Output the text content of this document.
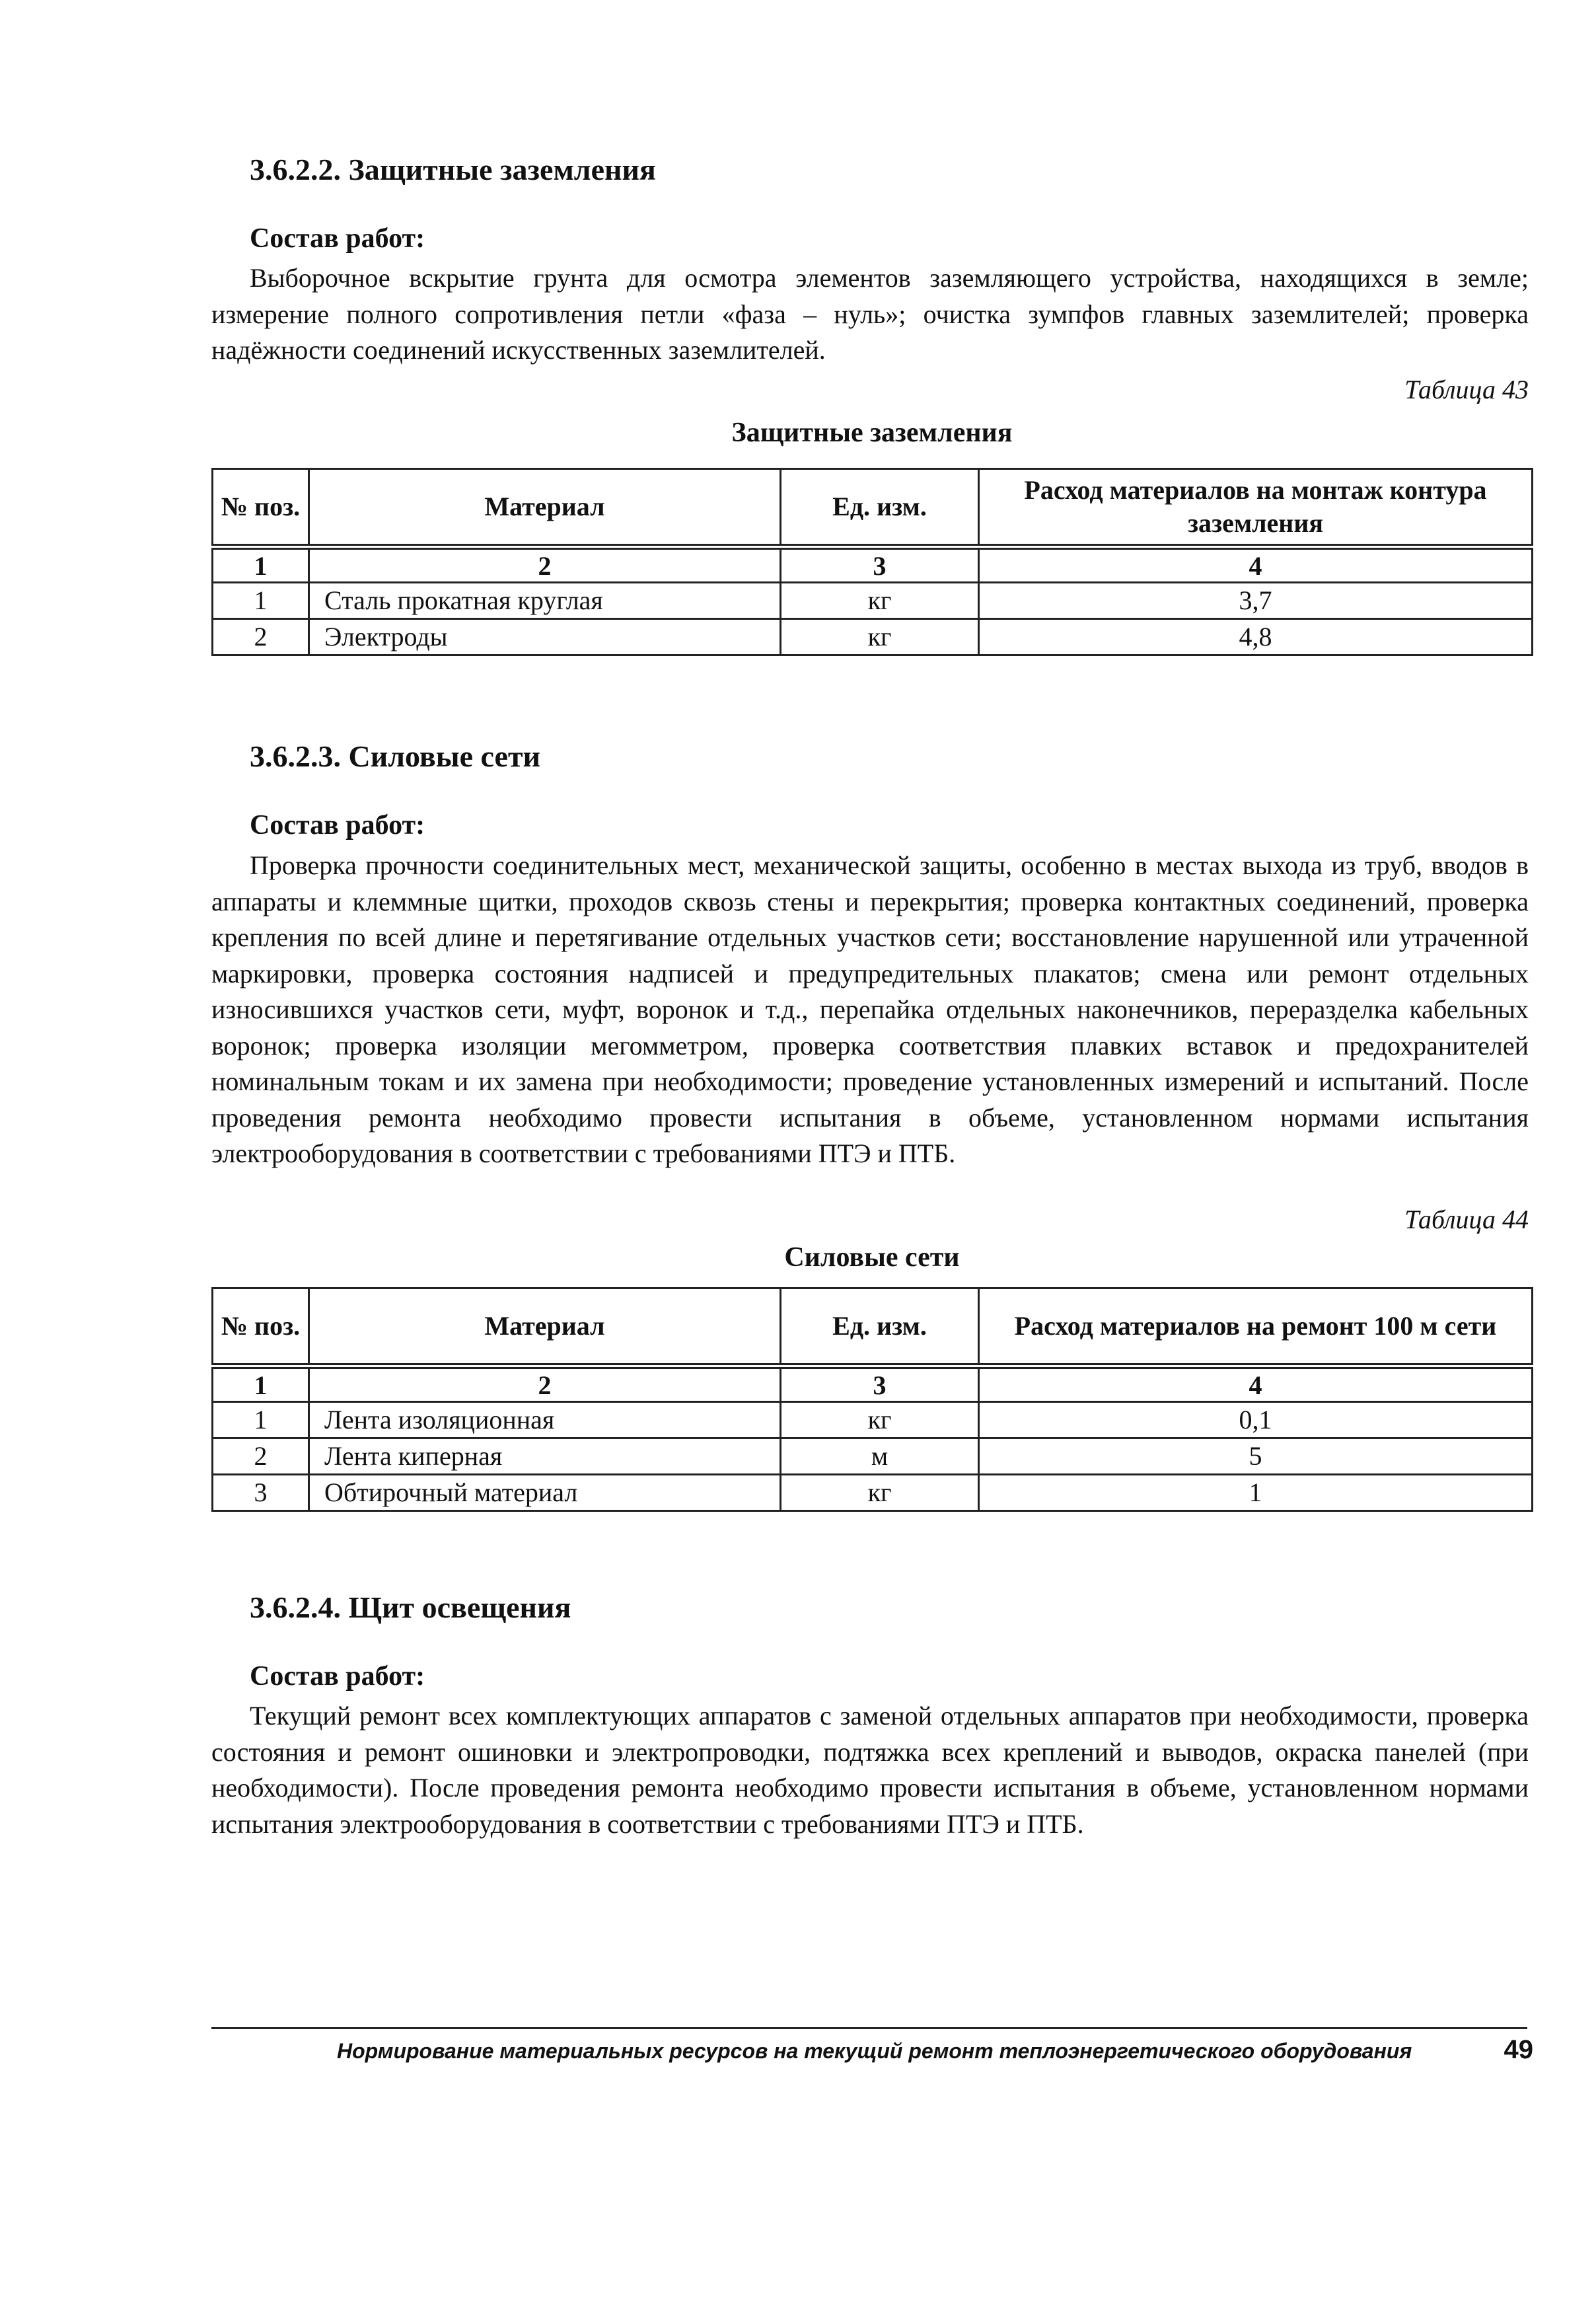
3.6.2.2. Защитные заземления
Состав работ:

Выборочное вскрытие грунта для осмотра элементов заземляющего устройства, находящихся в земле; измерение полного сопротивления петли «фаза – нуль»; очистка зумпфов главных заземлителей; проверка надёжности соединений искусственных заземлителей.

Таблица 43

Защитные заземления

№ поз.	Материал	Ед. изм.	Расход материалов на монтаж контура заземления
1	2	3	4
1	Сталь прокатная круглая	кг	3,7
2	Электроды	кг	4,8
3.6.2.3. Силовые сети
Состав работ:

Проверка прочности соединительных мест, механической защиты, особенно в местах выхода из труб, вводов в аппараты и клеммные щитки, проходов сквозь стены и перекрытия; проверка контактных соединений, проверка крепления по всей длине и перетягивание отдельных участков сети; восстановление нарушенной или утраченной маркировки, проверка состояния надписей и предупредительных плакатов; смена или ремонт отдельных износившихся участков сети, муфт, воронок и т.д., перепайка отдельных наконечников, переразделка кабельных воронок; проверка изоляции мегомметром, проверка соответствия плавких вставок и предохранителей номинальным токам и их замена при необходимости; проведение установленных измерений и испытаний. После проведения ремонта необходимо провести испытания в объеме, установленном нормами испытания электрооборудования в соответствии с требованиями ПТЭ и ПТБ.

Таблица 44

Силовые сети

№ поз.	Материал	Ед. изм.	Расход материалов на ремонт 100 м сети
1	2	3	4
1	Лента изоляционная	кг	0,1
2	Лента киперная	м	5
3	Обтирочный материал	кг	1
3.6.2.4. Щит освещения
Состав работ:

Текущий ремонт всех комплектующих аппаратов с заменой отдельных аппаратов при необходимости, проверка состояния и ремонт ошиновки и электропроводки, подтяжка всех креплений и выводов, окраска панелей (при необходимости). После проведения ремонта необходимо провести испытания в объеме, установленном нормами испытания электрооборудования в соответствии с требованиями ПТЭ и ПТБ.

Нормирование материальных ресурсов на текущий ремонт теплоэнергетического оборудования	49
